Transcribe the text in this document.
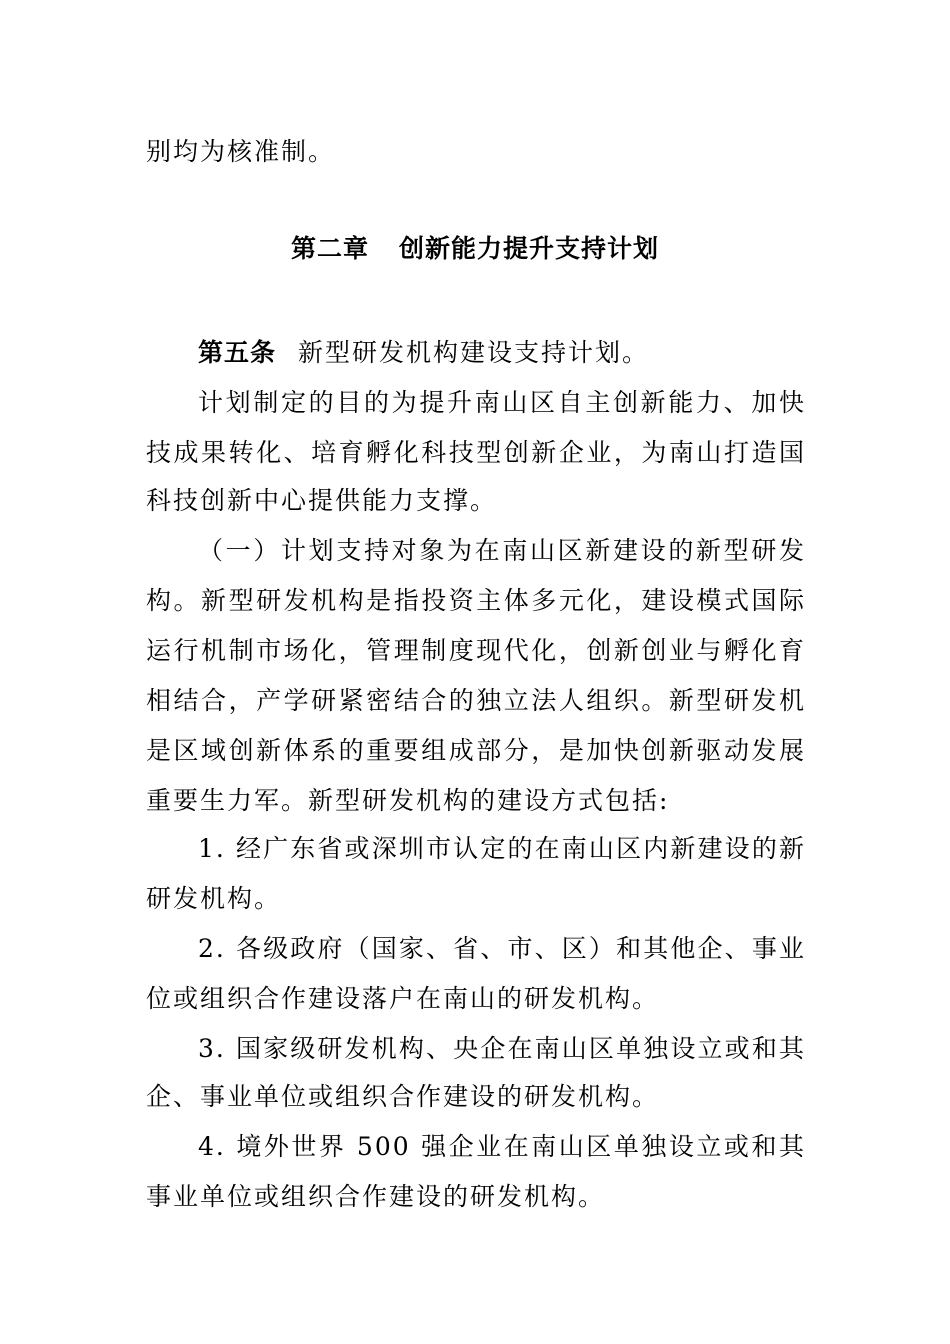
别均为核准制。
第二章 创新能力提升支持计划
第五条 新型研发机构建设支持计划。
计划制定的目的为提升南山区自主创新能力、加快
技成果转化、培育孵化科技型创新企业，为南山打造国
科技创新中心提供能力支撑。
（一）计划支持对象为在南山区新建设的新型研发
构。新型研发机构是指投资主体多元化，建设模式国际
运行机制市场化，管理制度现代化，创新创业与孵化育
相结合，产学研紧密结合的独立法人组织。新型研发机
是区域创新体系的重要组成部分，是加快创新驱动发展
重要生力军。新型研发机构的建设方式包括:
1. 经广东省或深圳市认定的在南山区内新建设的新
研发机构。
2. 各级政府（国家、省、市、区）和其他企、事业
位或组织合作建设落户在南山的研发机构。
3. 国家级研发机构、央企在南山区单独设立或和其
企、事业单位或组织合作建设的研发机构。
4. 境外世界 500 强企业在南山区单独设立或和其
事业单位或组织合作建设的研发机构。
